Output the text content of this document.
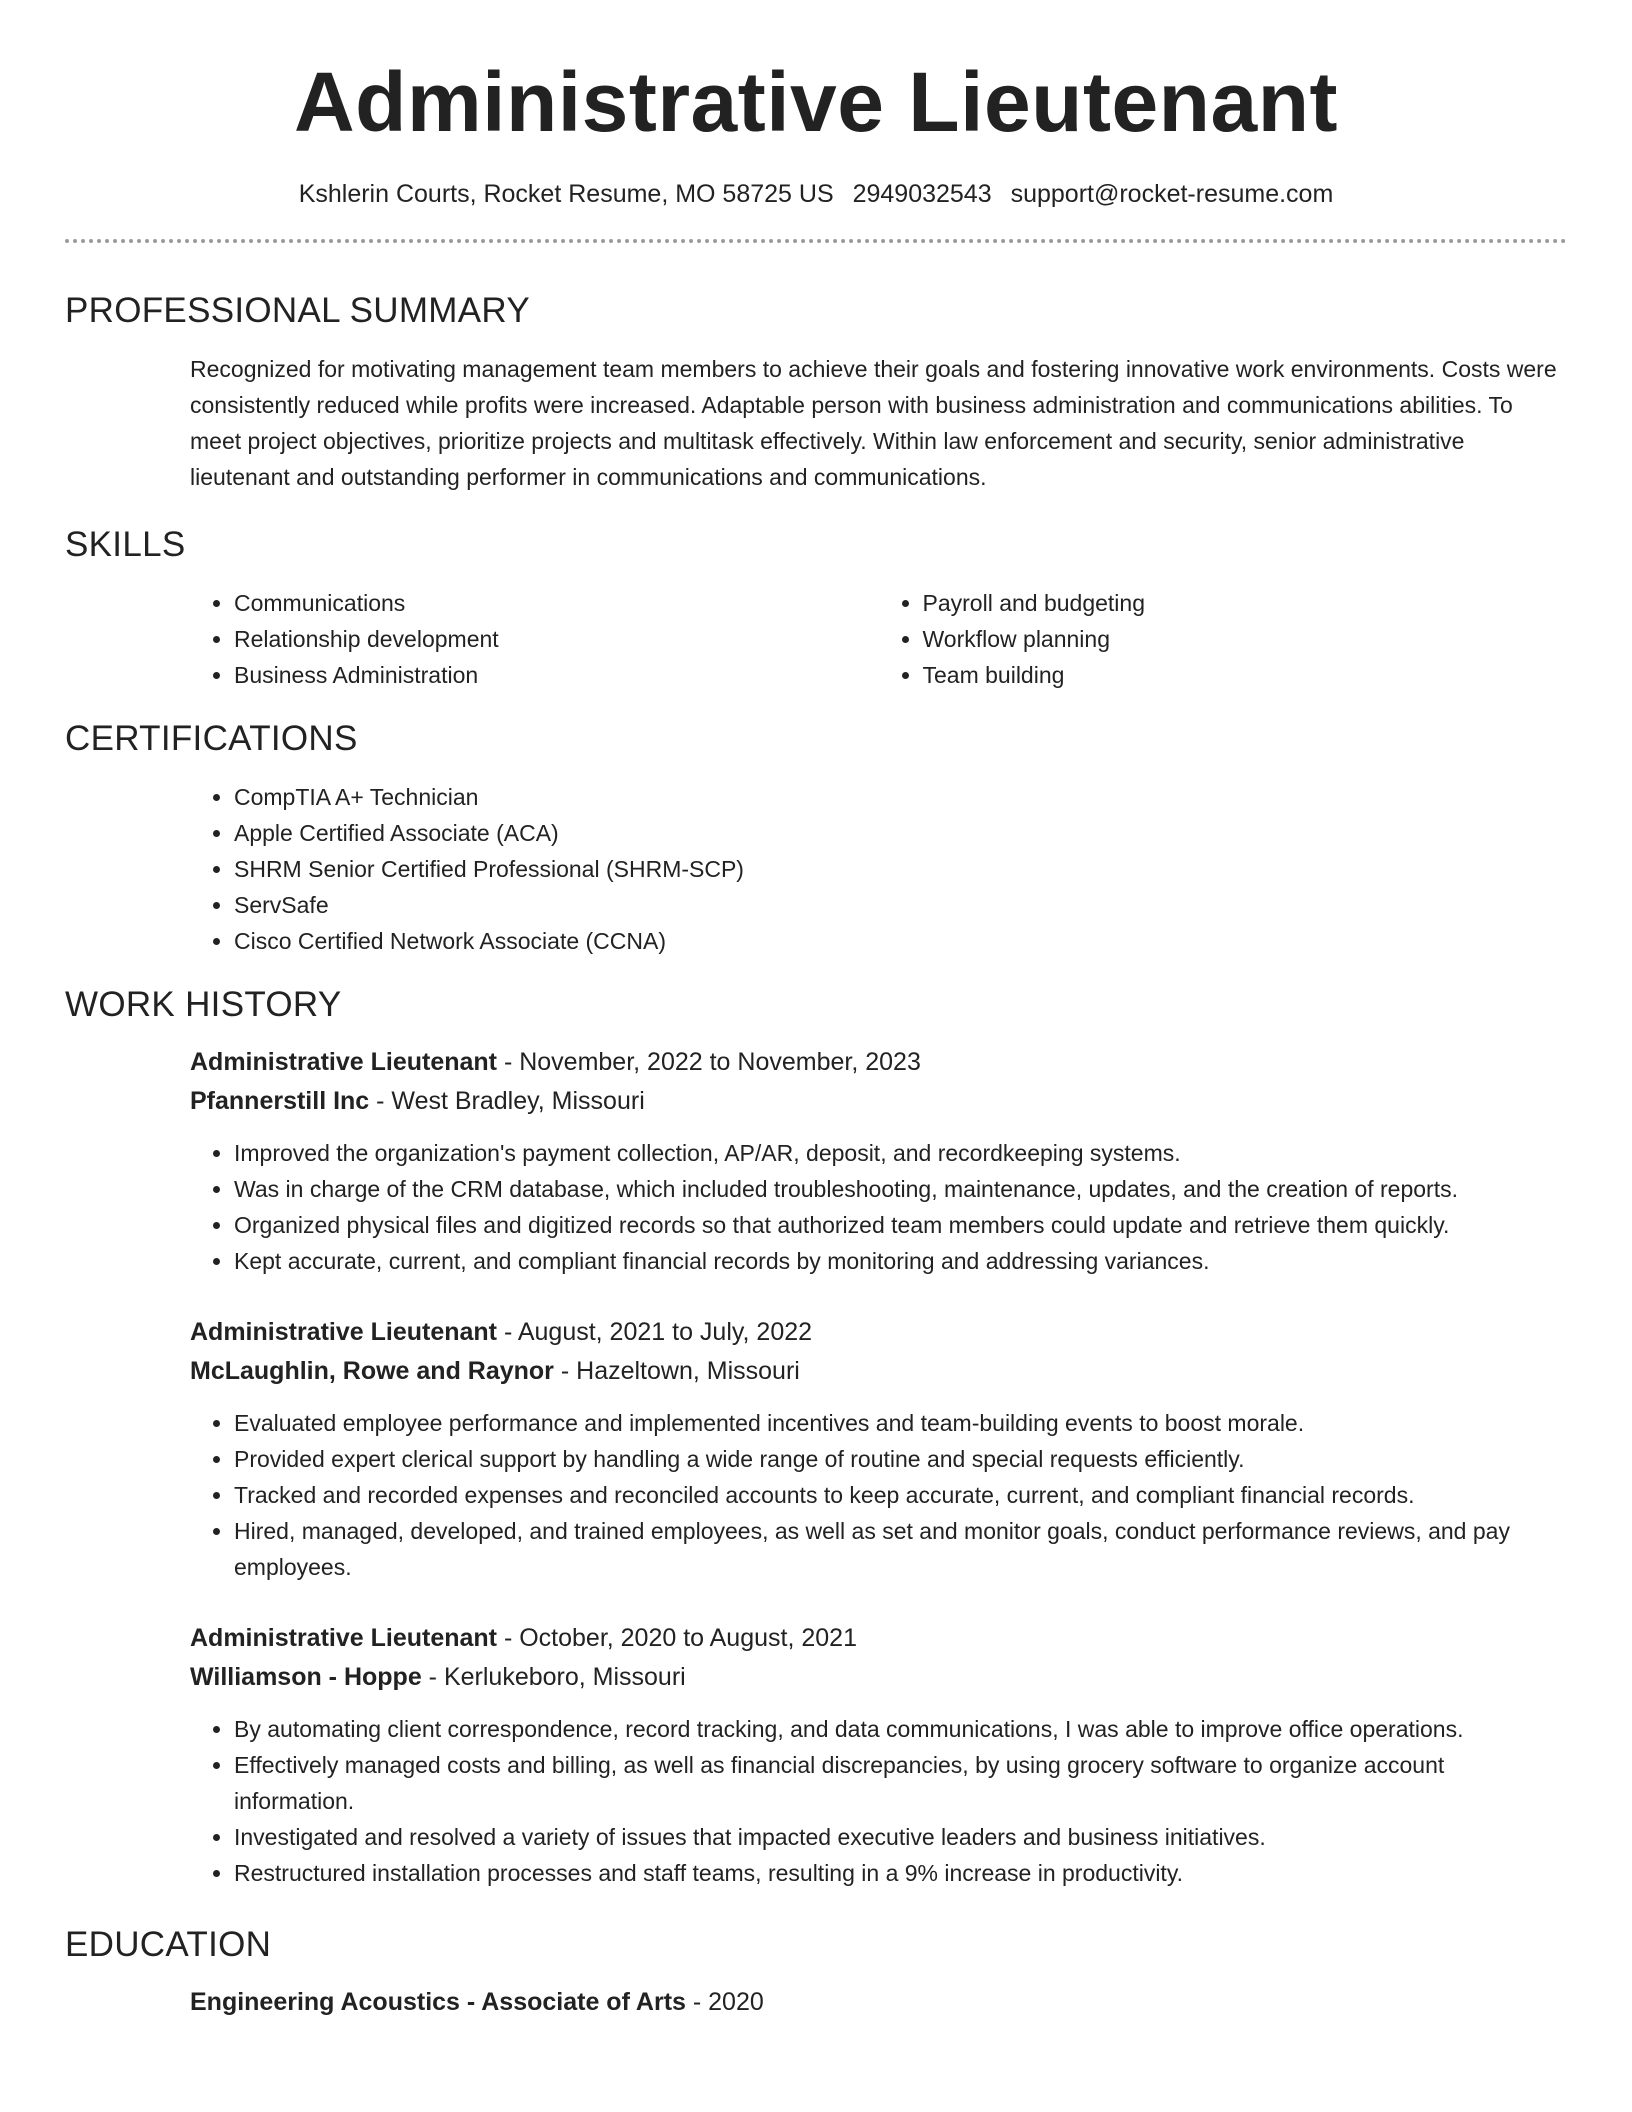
Administrative Lieutenant
Kshlerin Courts, Rocket Resume, MO 58725 US 2949032543 support@rocket-resume.com
PROFESSIONAL SUMMARY

Recognized for motivating management team members to achieve their goals and fostering innovative work environments. Costs were consistently reduced while profits were increased. Adaptable person with business administration and communications abilities. To meet project objectives, prioritize projects and multitask effectively. Within law enforcement and security, senior administrative lieutenant and outstanding performer in communications and communications.

SKILLS
• Communications
• Relationship development
• Business Administration
• Payroll and budgeting
• Workflow planning
• Team building
CERTIFICATIONS
• CompTIA A+ Technician
• Apple Certified Associate (ACA)
• SHRM Senior Certified Professional (SHRM-SCP)
• ServSafe
• Cisco Certified Network Associate (CCNA)
WORK HISTORY
Administrative Lieutenant - November, 2022 to November, 2023
Pfannerstill Inc - West Bradley, Missouri
• Improved the organization's payment collection, AP/AR, deposit, and recordkeeping systems.
• Was in charge of the CRM database, which included troubleshooting, maintenance, updates, and the creation of reports.
• Organized physical files and digitized records so that authorized team members could update and retrieve them quickly.
• Kept accurate, current, and compliant financial records by monitoring and addressing variances.
Administrative Lieutenant - August, 2021 to July, 2022
McLaughlin, Rowe and Raynor - Hazeltown, Missouri
• Evaluated employee performance and implemented incentives and team-building events to boost morale.
• Provided expert clerical support by handling a wide range of routine and special requests efficiently.
• Tracked and recorded expenses and reconciled accounts to keep accurate, current, and compliant financial records.
• Hired, managed, developed, and trained employees, as well as set and monitor goals, conduct performance reviews, and pay employees.
Administrative Lieutenant - October, 2020 to August, 2021
Williamson - Hoppe - Kerlukeboro, Missouri
• By automating client correspondence, record tracking, and data communications, I was able to improve office operations.
• Effectively managed costs and billing, as well as financial discrepancies, by using grocery software to organize account information.
• Investigated and resolved a variety of issues that impacted executive leaders and business initiatives.
• Restructured installation processes and staff teams, resulting in a 9% increase in productivity.
EDUCATION
Engineering Acoustics - Associate of Arts - 2020
